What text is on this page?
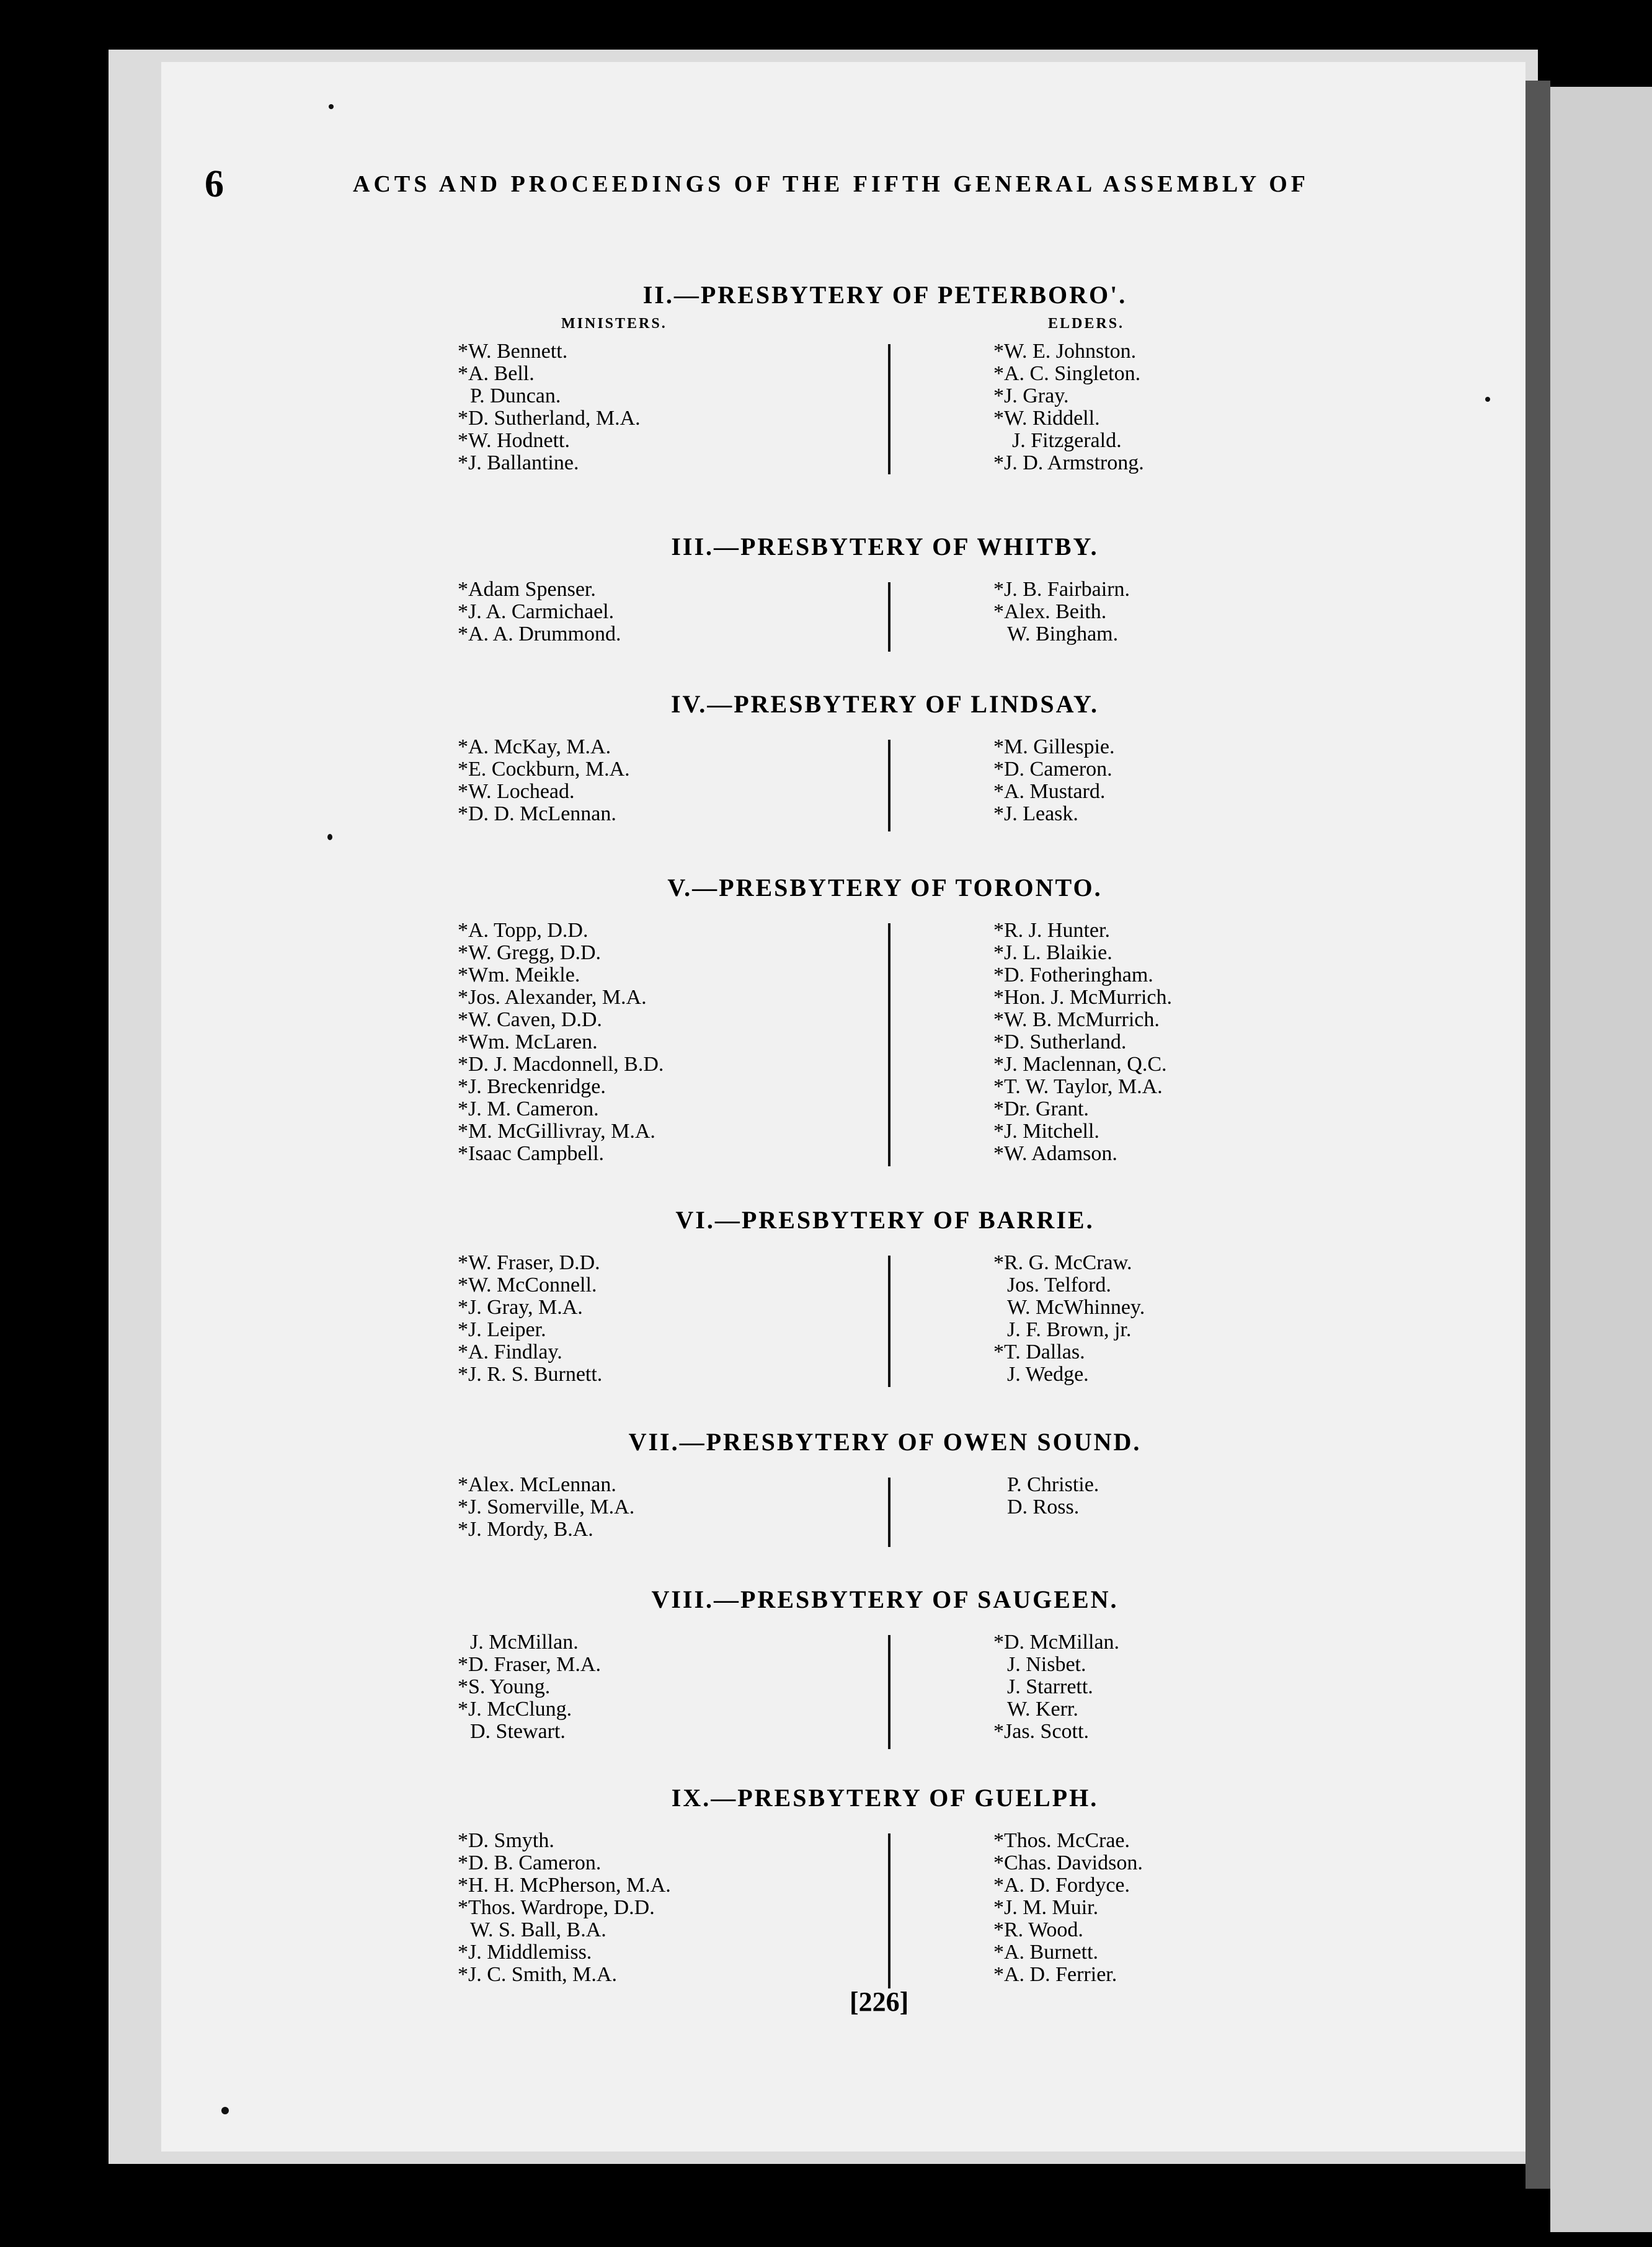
6	ACTS AND PROCEEDINGS OF THE FIFTH GENERAL ASSEMBLY OF
II.—PRESBYTERY OF PETERBORO'.
MINISTERS.	ELDERS.
*W. Bennett.
*A. Bell.
P. Duncan.
*D. Sutherland, M.A.
*W. Hodnett.
*J. Ballantine.
*W. E. Johnston.
*A. C. Singleton.
*J. Gray.
*W. Riddell.
J. Fitzgerald.
*J. D. Armstrong.
III.—PRESBYTERY OF WHITBY.
*Adam Spenser.
*J. A. Carmichael.
*A. A. Drummond.
*J. B. Fairbairn.
*Alex. Beith.
W. Bingham.
IV.—PRESBYTERY OF LINDSAY.
*A. McKay, M.A.
*E. Cockburn, M.A.
*W. Lochead.
*D. D. McLennan.
*M. Gillespie.
*D. Cameron.
*A. Mustard.
*J. Leask.
V.—PRESBYTERY OF TORONTO.
*A. Topp, D.D.
*W. Gregg, D.D.
*Wm. Meikle.
*Jos. Alexander, M.A.
*W. Caven, D.D.
*Wm. McLaren.
*D. J. Macdonnell, B.D.
*J. Breckenridge.
*J. M. Cameron.
*M. McGillivray, M.A.
*Isaac Campbell.
*R. J. Hunter.
*J. L. Blaikie.
*D. Fotheringham.
*Hon. J. McMurrich.
*W. B. McMurrich.
*D. Sutherland.
*J. Maclennan, Q.C.
*T. W. Taylor, M.A.
*Dr. Grant.
*J. Mitchell.
*W. Adamson.
VI.—PRESBYTERY OF BARRIE.
*W. Fraser, D.D.
*W. McConnell.
*J. Gray, M.A.
*J. Leiper.
*A. Findlay.
*J. R. S. Burnett.
*R. G. McCraw.
Jos. Telford.
W. McWhinney.
J. F. Brown, jr.
*T. Dallas.
J. Wedge.
VII.—PRESBYTERY OF OWEN SOUND.
*Alex. McLennan.
*J. Somerville, M.A.
*J. Mordy, B.A.
P. Christie.
D. Ross.
VIII.—PRESBYTERY OF SAUGEEN.
J. McMillan.
*D. Fraser, M.A.
*S. Young.
*J. McClung.
D. Stewart.
*D. McMillan.
J. Nisbet.
J. Starrett.
W. Kerr.
*Jas. Scott.
IX.—PRESBYTERY OF GUELPH.
*D. Smyth.
*D. B. Cameron.
*H. H. McPherson, M.A.
*Thos. Wardrope, D.D.
W. S. Ball, B.A.
*J. Middlemiss.
*J. C. Smith, M.A.
*Thos. McCrae.
*Chas. Davidson.
*A. D. Fordyce.
*J. M. Muir.
*R. Wood.
*A. Burnett.
*A. D. Ferrier.
[226]
